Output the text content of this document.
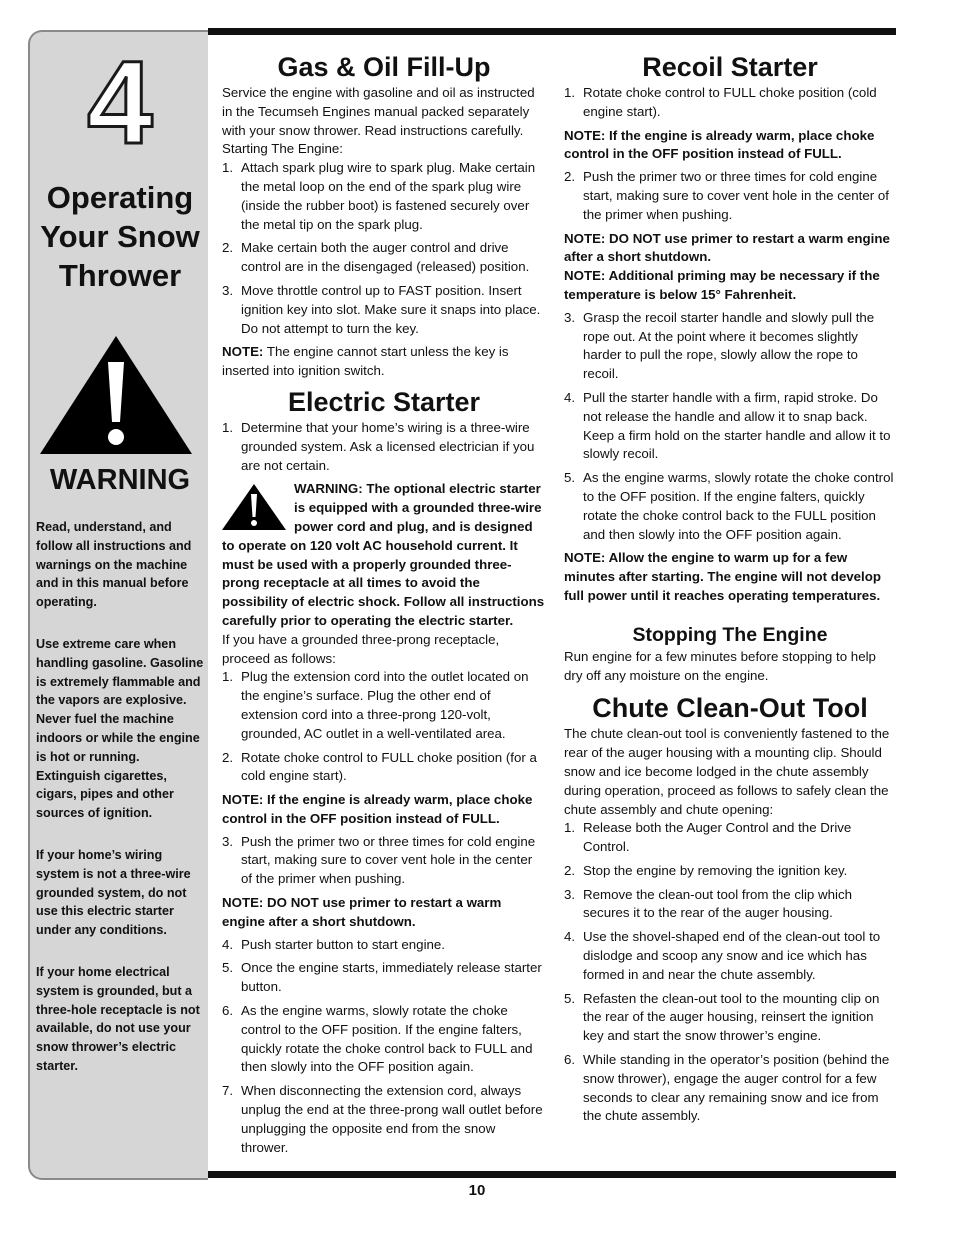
4
Operating
Your Snow
Thrower
WARNING

Read, understand, and follow all instructions and warnings on the machine and in this manual before operating.

Use extreme care when handling gasoline. Gasoline is extremely flammable and the vapors are explosive. Never fuel the machine indoors or while the engine is hot or running. Extinguish cigarettes, cigars, pipes and other sources of ignition.

If your home’s wiring system is not a three-wire grounded system, do not use this electric starter under any conditions.

If your home electrical system is grounded, but a three-hole receptacle is not available, do not use your snow thrower’s electric starter.

Gas & Oil Fill-Up

Service the engine with gasoline and oil as instructed in the Tecumseh Engines manual packed separately with your snow thrower. Read instructions carefully.

Starting The Engine:

1. Attach spark plug wire to spark plug. Make certain the metal loop on the end of the spark plug wire (inside the rubber boot) is fastened securely over the metal tip on the spark plug.
2. Make certain both the auger control and drive control are in the disengaged (released) position.
3. Move throttle control up to FAST position. Insert ignition key into slot. Make sure it snaps into place. Do not attempt to turn the key.

NOTE: The engine cannot start unless the key is inserted into ignition switch.

Electric Starter
1. Determine that your home’s wiring is a three-wire grounded system. Ask a licensed electrician if you are not certain.
WARNING: The optional electric starter is equipped with a grounded three-wire power cord and plug, and is designed to operate on 120 volt AC household current. It must be used with a properly grounded three-prong receptacle at all times to avoid the possibility of electric shock. Follow all instructions carefully prior to operating the electric starter.

If you have a grounded three-prong receptacle, proceed as follows:

1. Plug the extension cord into the outlet located on the engine’s surface. Plug the other end of extension cord into a three-prong 120-volt, grounded, AC outlet in a well-ventilated area.
2. Rotate choke control to FULL choke position (for a cold engine start).

NOTE: If the engine is already warm, place choke control in the OFF position instead of FULL.

3. Push the primer two or three times for cold engine start, making sure to cover vent hole in the center of the primer when pushing.

NOTE: DO NOT use primer to restart a warm engine after a short shutdown.

4. Push starter button to start engine.
5. Once the engine starts, immediately release starter button.
6. As the engine warms, slowly rotate the choke control to the OFF position. If the engine falters, quickly rotate the choke control back to FULL and then slowly into the OFF position again.
7. When disconnecting the extension cord, always unplug the end at the three-prong wall outlet before unplugging the opposite end from the snow thrower.
Recoil Starter
1. Rotate choke control to FULL choke position (cold engine start).

NOTE: If the engine is already warm, place choke control in the OFF position instead of FULL.

2. Push the primer two or three times for cold engine start, making sure to cover vent hole in the center of the primer when pushing.

NOTE: DO NOT use primer to restart a warm engine after a short shutdown.

NOTE: Additional priming may be necessary if the temperature is below 15° Fahrenheit.

3. Grasp the recoil starter handle and slowly pull the rope out. At the point where it becomes slightly harder to pull the rope, slowly allow the rope to recoil.
4. Pull the starter handle with a firm, rapid stroke. Do not release the handle and allow it to snap back. Keep a firm hold on the starter handle and allow it to slowly recoil.
5. As the engine warms, slowly rotate the choke control to the OFF position. If the engine falters, quickly rotate the choke control back to the FULL position and then slowly into the OFF position again.

NOTE: Allow the engine to warm up for a few minutes after starting. The engine will not develop full power until it reaches operating temperatures.

Stopping The Engine

Run engine for a few minutes before stopping to help dry off any moisture on the engine.

Chute Clean-Out Tool

The chute clean-out tool is conveniently fastened to the rear of the auger housing with a mounting clip. Should snow and ice become lodged in the chute assembly during operation, proceed as follows to safely clean the chute assembly and chute opening:

1. Release both the Auger Control and the Drive Control.
2. Stop the engine by removing the ignition key.
3. Remove the clean-out tool from the clip which secures it to the rear of the auger housing.
4. Use the shovel-shaped end of the clean-out tool to dislodge and scoop any snow and ice which has formed in and near the chute assembly.
5. Refasten the clean-out tool to the mounting clip on the rear of the auger housing, reinsert the ignition key and start the snow thrower’s engine.
6. While standing in the operator’s position (behind the snow thrower), engage the auger control for a few seconds to clear any remaining snow and ice from the chute assembly.
10
